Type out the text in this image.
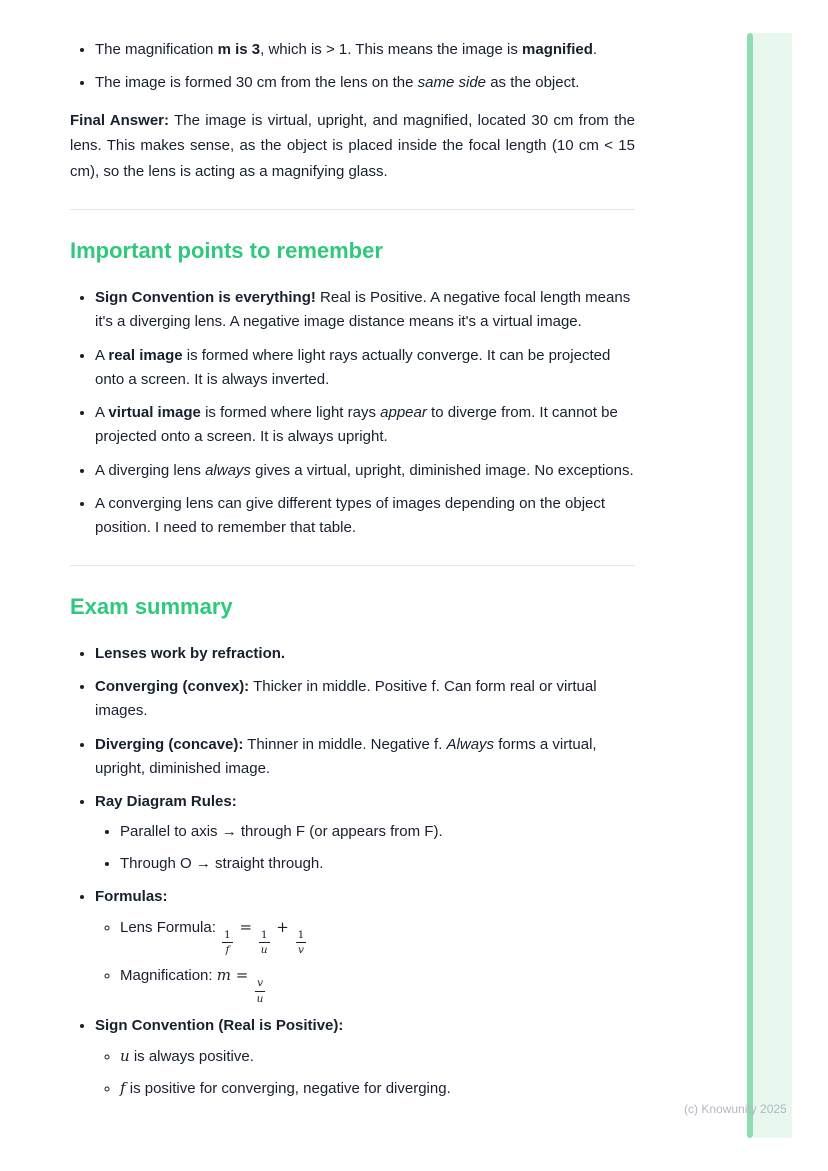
(c) Knowunity 2025
• The magnification m is 3, which is > 1. This means the image is magnified.
• The image is formed 30 cm from the lens on the same side as the object.

Final Answer: The image is virtual, upright, and magnified, located 30 cm from the lens. This makes sense, as the object is placed inside the focal length (10 cm < 15 cm), so the lens is acting as a magnifying glass.

Important points to remember
• Sign Convention is everything! Real is Positive. A negative focal length means it's a diverging lens. A negative image distance means it's a virtual image.
• A real image is formed where light rays actually converge. It can be projected onto a screen. It is always inverted.
• A virtual image is formed where light rays appear to diverge from. It cannot be projected onto a screen. It is always upright.
• A diverging lens always gives a virtual, upright, diminished image. No exceptions.
• A converging lens can give different types of images depending on the object position. I need to remember that table.
Exam summary
• Lenses work by refraction.
• Converging (convex): Thicker in middle. Positive f. Can form real or virtual images.
• Diverging (concave): Thinner in middle. Negative f. Always forms a virtual, upright, diminished image.
• Ray Diagram Rules:
• Parallel to axis → through F (or appears from F).
• Through O → straight through.
• Formulas:
◦ Lens Formula:
$\frac{1}{f}$
=
$\frac{1}{u}$
+
$\frac{1}{v}$
◦ Magnification: m =
$\frac{v}{u}$
• Sign Convention (Real is Positive):
◦ u is always positive.
◦ f is positive for converging, negative for diverging.
